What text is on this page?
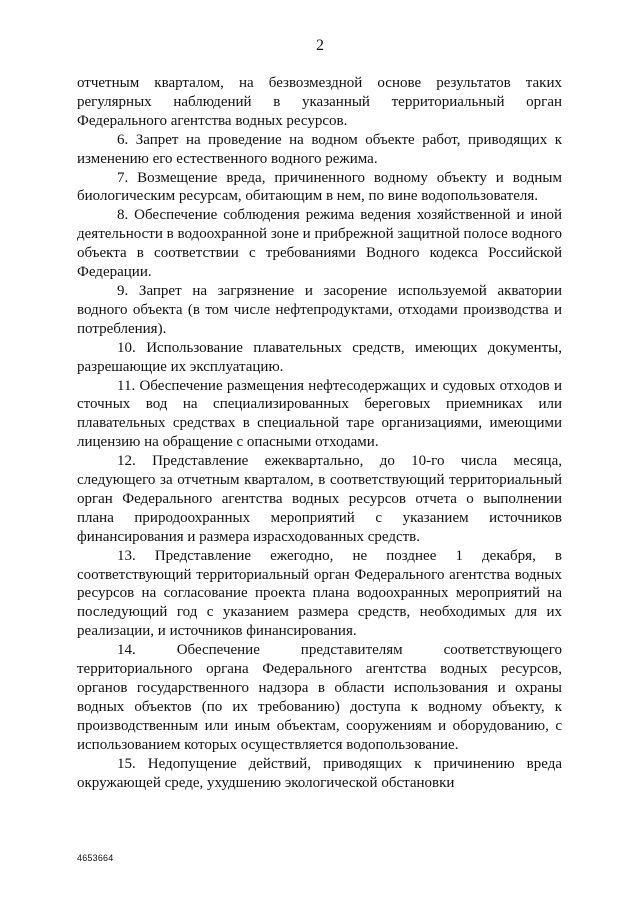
2
отчетным кварталом, на безвозмездной основе результатов таких
регулярных наблюдений в указанный территориальный орган
Федерального агентства водных ресурсов.
6. Запрет на проведение на водном объекте работ, приводящих к
изменению его естественного водного режима.
7. Возмещение вреда, причиненного водному объекту и водным
биологическим ресурсам, обитающим в нем, по вине водопользователя.
8. Обеспечение соблюдения режима ведения хозяйственной и иной
деятельности в водоохранной зоне и прибрежной защитной полосе водного
объекта в соответствии с требованиями Водного кодекса Российской
Федерации.
9. Запрет на загрязнение и засорение используемой акватории
водного объекта (в том числе нефтепродуктами, отходами производства и
потребления).
10. Использование плавательных средств, имеющих документы,
разрешающие их эксплуатацию.
11. Обеспечение размещения нефтесодержащих и судовых отходов и
сточных вод на специализированных береговых приемниках или
плавательных средствах в специальной таре организациями, имеющими
лицензию на обращение с опасными отходами.
12. Представление ежеквартально, до 10-го числа месяца,
следующего за отчетным кварталом, в соответствующий территориальный
орган Федерального агентства водных ресурсов отчета о выполнении
плана природоохранных мероприятий с указанием источников
финансирования и размера израсходованных средств.
13. Представление ежегодно, не позднее 1 декабря, в
соответствующий территориальный орган Федерального агентства водных
ресурсов на согласование проекта плана водоохранных мероприятий на
последующий год с указанием размера средств, необходимых для их
реализации, и источников финансирования.
14. Обеспечение представителям соответствующего
территориального органа Федерального агентства водных ресурсов,
органов государственного надзора в области использования и охраны
водных объектов (по их требованию) доступа к водному объекту, к
производственным или иным объектам, сооружениям и оборудованию, с
использованием которых осуществляется водопользование.
15. Недопущение действий, приводящих к причинению вреда
окружающей среде, ухудшению экологической обстановки
4653664
